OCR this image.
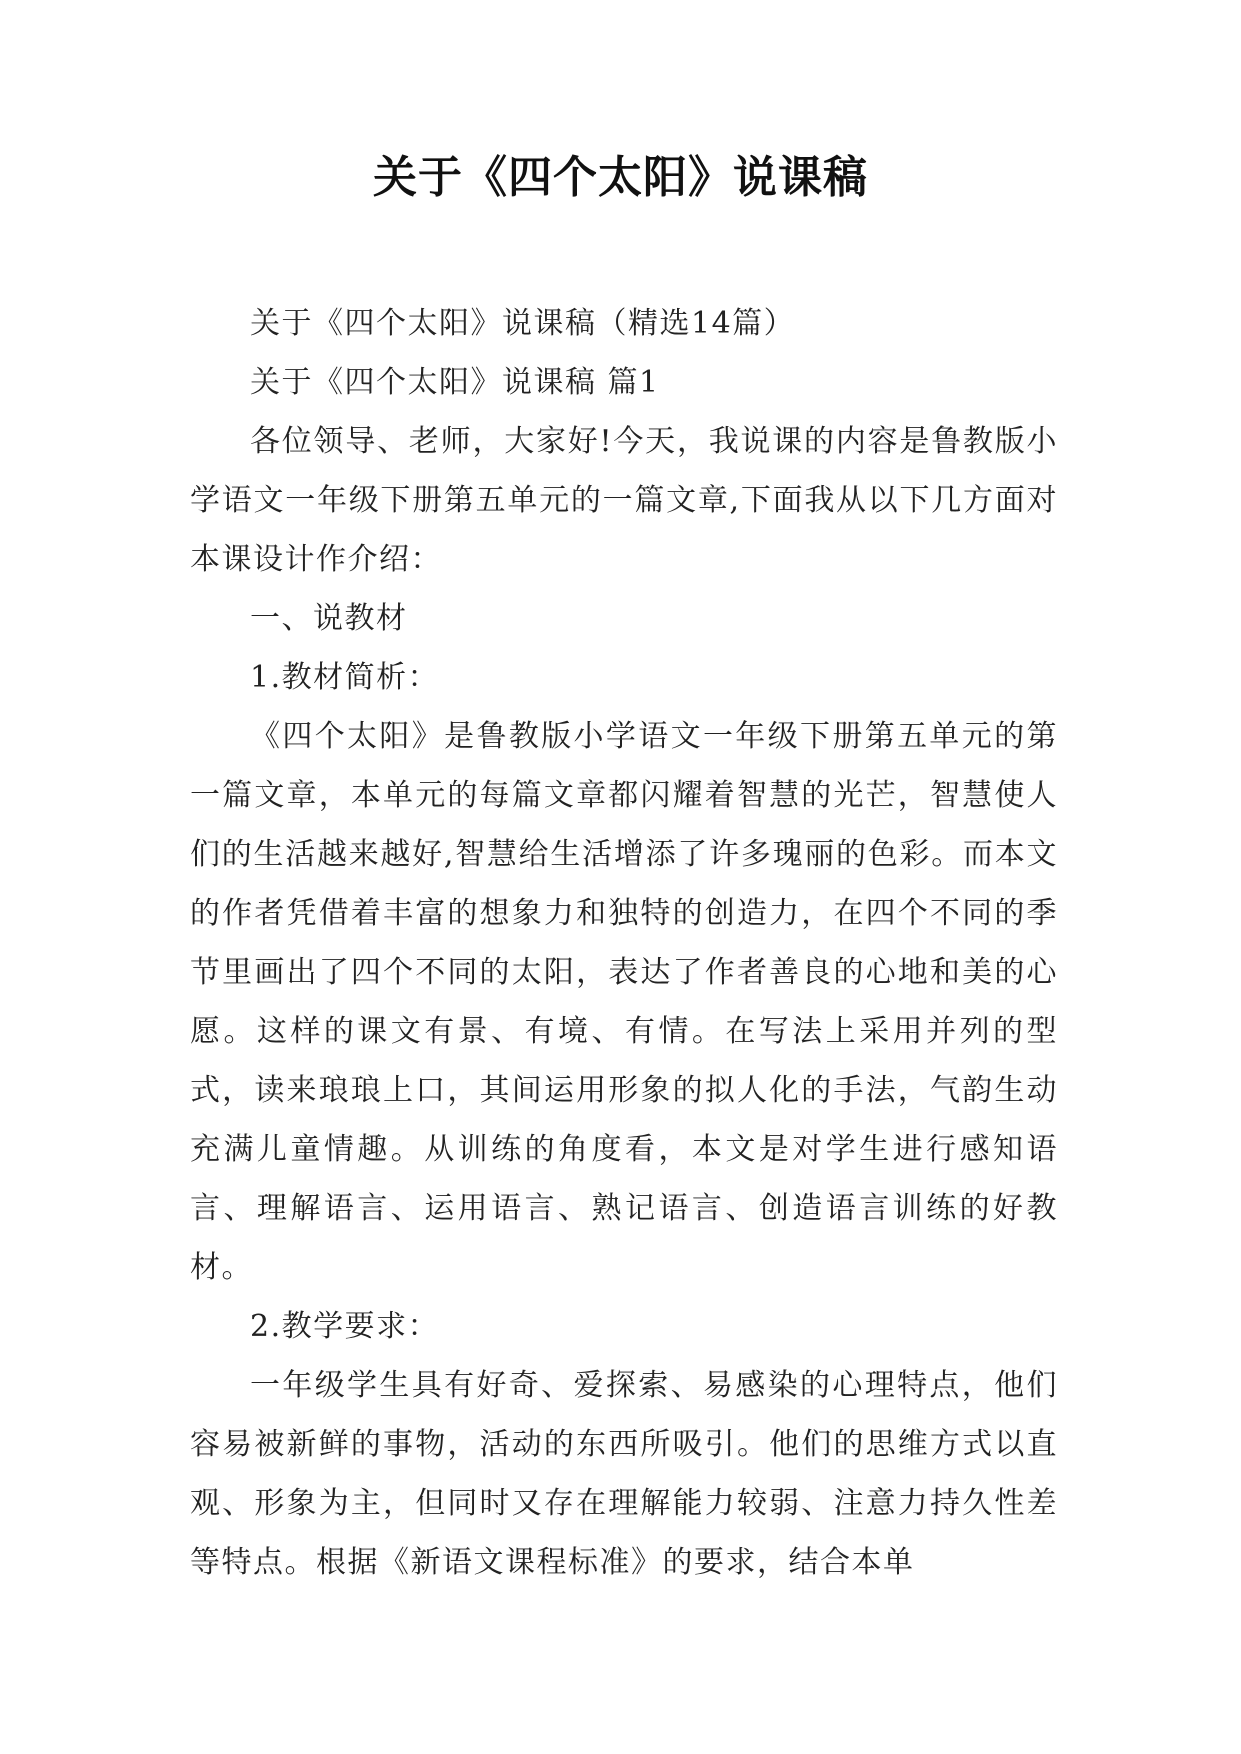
关于《四个太阳》说课稿

关于《四个太阳》说课稿（精选14篇）

关于《四个太阳》说课稿 篇1

各位领导、老师，大家好!今天，我说课的内容是鲁教版小学语文一年级下册第五单元的一篇文章,下面我从以下几方面对本课设计作介绍：

一、说教材

1.教材简析：

《四个太阳》是鲁教版小学语文一年级下册第五单元的第一篇文章，本单元的每篇文章都闪耀着智慧的光芒，智慧使人们的生活越来越好,智慧给生活增添了许多瑰丽的色彩。而本文的作者凭借着丰富的想象力和独特的创造力，在四个不同的季节里画出了四个不同的太阳，表达了作者善良的心地和美的心愿。这样的课文有景、有境、有情。在写法上采用并列的型式，读来琅琅上口，其间运用形象的拟人化的手法，气韵生动充满儿童情趣。从训练的角度看，本文是对学生进行感知语言、理解语言、运用语言、熟记语言、创造语言训练的好教材。

2.教学要求：

一年级学生具有好奇、爱探索、易感染的心理特点，他们容易被新鲜的事物，活动的东西所吸引。他们的思维方式以直观、形象为主，但同时又存在理解能力较弱、注意力持久性差等特点。根据《新语文课程标准》的要求，结合本单
